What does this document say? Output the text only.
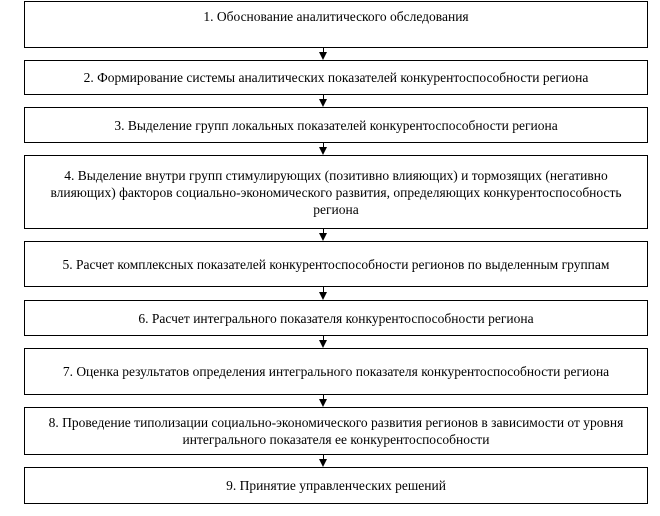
1. Обоснование аналитического обследования
2. Формирование системы аналитических показателей конкурентоспособности региона
3. Выделение групп локальных показателей конкурентоспособности региона
4. Выделение внутри групп стимулирующих (позитивно влияющих) и тормозящих (негативно влияющих) факторов социально-экономического развития, определяющих конкурентоспособность региона
5. Расчет комплексных показателей конкурентоспособности регионов по выделенным группам
6. Расчет интегрального показателя конкурентоспособности региона
7. Оценка результатов определения интегрального показателя конкурентоспособности региона
8. Проведение типолизации социально-экономического развития регионов в зависимости от уровня интегрального показателя ее конкурентоспособности
9. Принятие управленческих решений
